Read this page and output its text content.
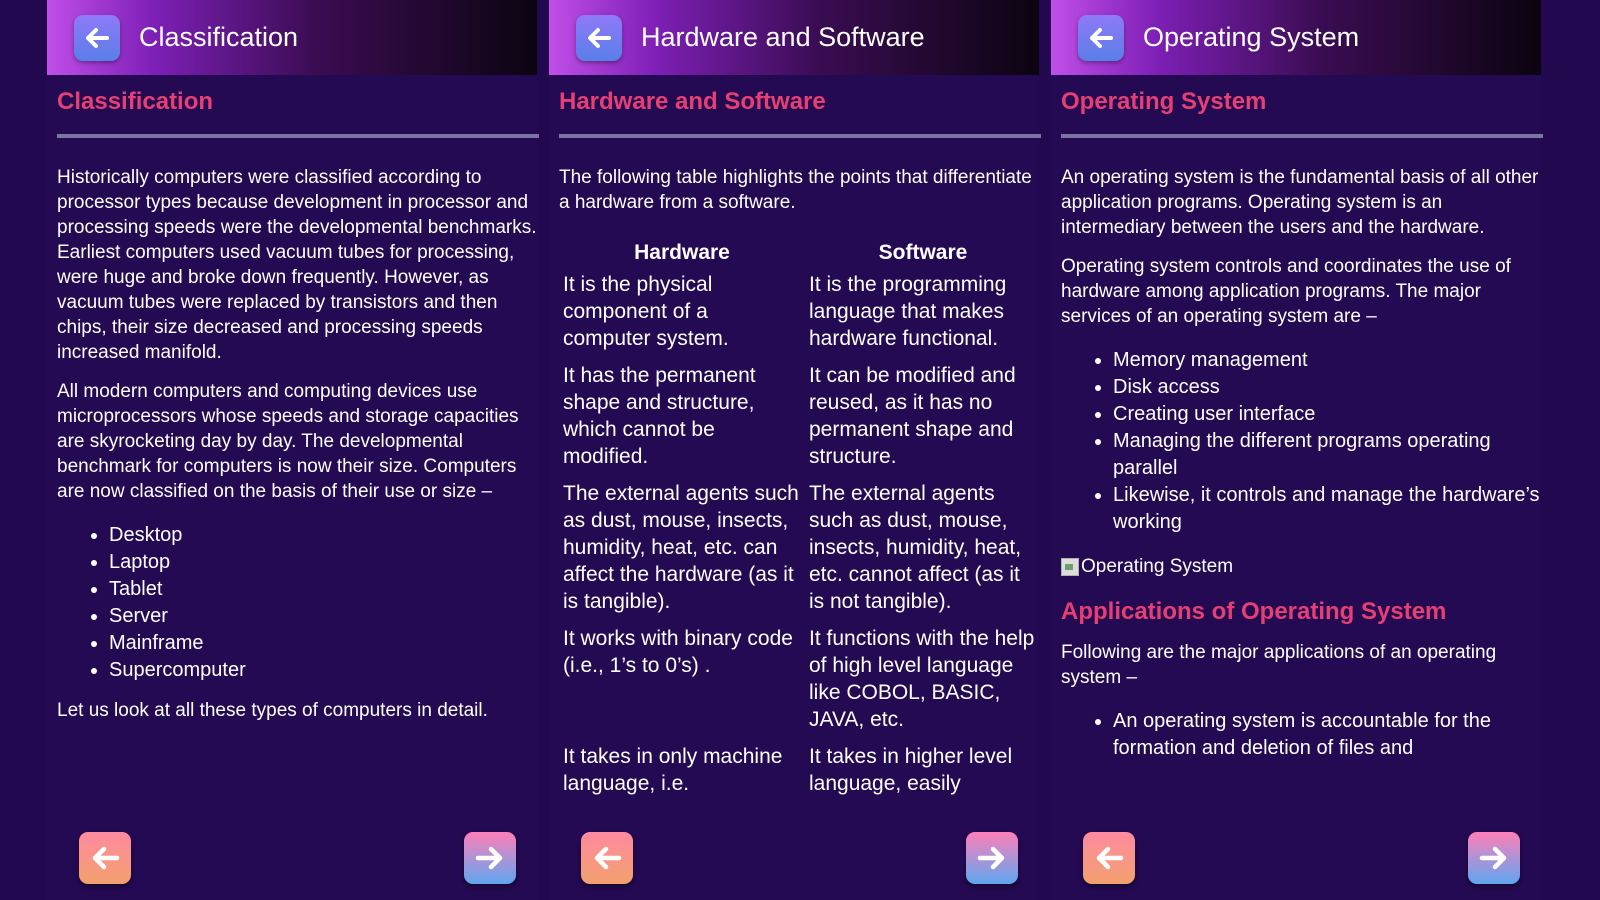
Classification
Classification

Historically computers were classified according to processor types because development in processor and processing speeds were the developmental benchmarks. Earliest computers used vacuum tubes for processing, were huge and broke down frequently. However, as vacuum tubes were replaced by transistors and then chips, their size decreased and processing speeds increased manifold.

All modern computers and computing devices use microprocessors whose speeds and storage capacities are skyrocketing day by day. The developmental benchmark for computers is now their size. Computers are now classified on the basis of their use or size –

• Desktop
• Laptop
• Tablet
• Server
• Mainframe
• Supercomputer

Let us look at all these types of computers in detail.

Hardware and Software
Hardware and Software

The following table highlights the points that differentiate a hardware from a software.

Hardware	Software
It is the physical component of a computer system.	It is the programming language that makes hardware functional.
It has the permanent shape and structure, which cannot be modified.	It can be modified and reused, as it has no permanent shape and structure.
The external agents such as dust, mouse, insects, humidity, heat, etc. can affect the hardware (as it is tangible).	The external agents such as dust, mouse, insects, humidity, heat, etc. cannot affect (as it is not tangible).
It works with binary code (i.e., 1’s to 0’s) .	It functions with the help of high level language like COBOL, BASIC, JAVA, etc.
It takes in only machine language, i.e.	It takes in higher level language, easily
Operating System
Operating System

An operating system is the fundamental basis of all other application programs. Operating system is an intermediary between the users and the hardware.

Operating system controls and coordinates the use of hardware among application programs. The major services of an operating system are –

• Memory management
• Disk access
• Creating user interface
• Managing the different programs operating parallel
• Likewise, it controls and manage the hardware’s working
Operating System
Applications of Operating System

Following are the major applications of an operating system –

• An operating system is accountable for the formation and deletion of files and
